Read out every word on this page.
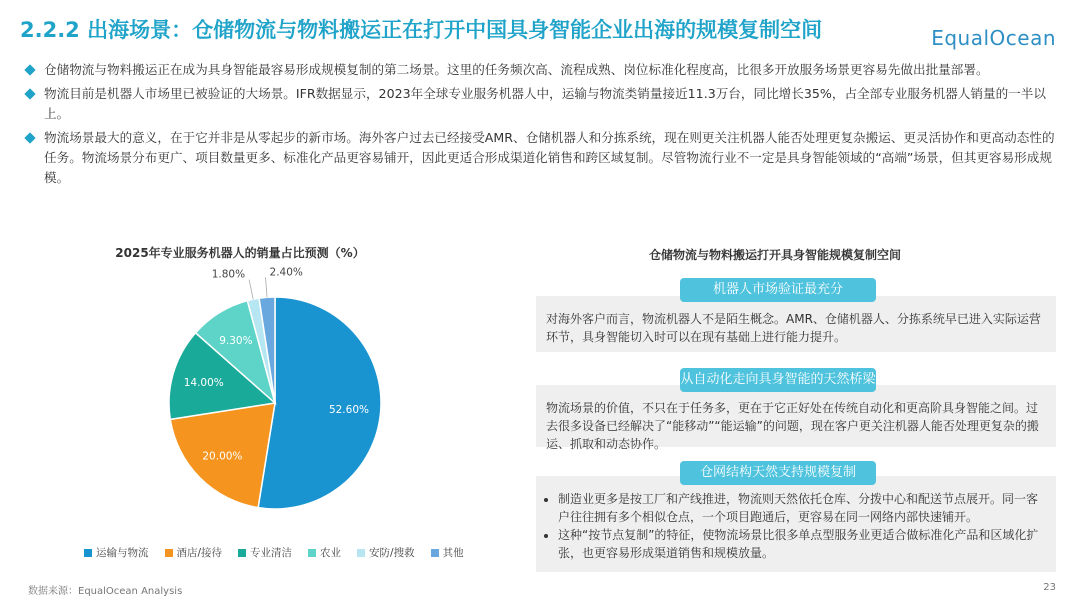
2.2.2 出海场景：仓储物流与物料搬运正在打开中国具身智能企业出海的规模复制空间	EqualOcean
仓储物流与物料搬运正在成为具身智能最容易形成规模复制的第二场景。这里的任务频次高、流程成熟、岗位标准化程度高，比很多开放服务场景更容易先做出批量部署。
物流目前是机器人市场里已被验证的大场景。IFR数据显示，2023年全球专业服务机器人中，运输与物流类销量接近11.3万台，同比增长35%，占全部专业服务机器人销量的一半以上。
物流场景最大的意义，在于它并非是从零起步的新市场。海外客户过去已经接受AMR、仓储机器人和分拣系统，现在则更关注机器人能否处理更复杂搬运、更灵活协作和更高动态性的任务。物流场景分布更广、项目数量更多、标准化产品更容易铺开，因此更适合形成渠道化销售和跨区域复制。尽管物流行业不一定是具身智能领域的“高端”场景，但其更容易形成规模。
2025年专业服务机器人的销量占比预测（%）
52.60%
20.00%
14.00%
9.30%
1.80% 2.40%
运输与物流	酒店/接待	专业清洁	农业	安防/搜救	其他
仓储物流与物料搬运打开具身智能规模复制空间
对海外客户而言，物流机器人不是陌生概念。AMR、仓储机器人、分拣系统早已进入实际运营环节，具身智能切入时可以在现有基础上进行能力提升。
机器人市场验证最充分
物流场景的价值，不只在于任务多，更在于它正好处在传统自动化和更高阶具身智能之间。过去很多设备已经解决了“能移动”“能运输”的问题，现在客户更关注机器人能否处理更复杂的搬运、抓取和动态协作。
从自动化走向具身智能的天然桥梁
• 制造业更多是按工厂和产线推进，物流则天然依托仓库、分拨中心和配送节点展开。同一客户往往拥有多个相似仓点，一个项目跑通后，更容易在同一网络内部快速铺开。
• 这种“按节点复制”的特征，使物流场景比很多单点型服务业更适合做标准化产品和区域化扩张，也更容易形成渠道销售和规模放量。
仓网结构天然支持规模复制
数据来源：EqualOcean Analysis	23
